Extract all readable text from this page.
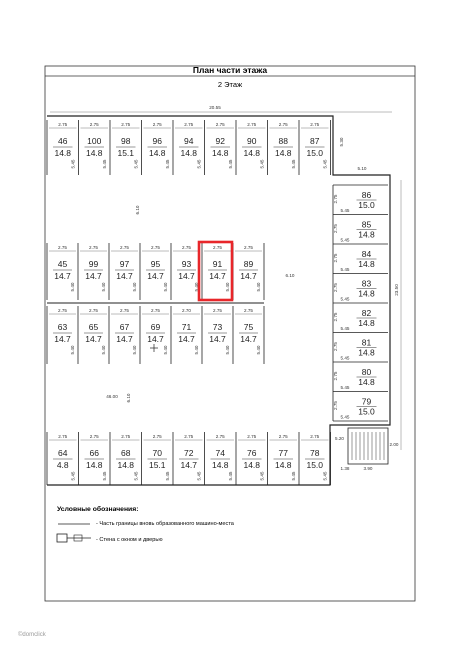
План части этажа
2 Этаж
20.55
23.50
6.10
6.10
46.00 6.10
5.30
5.10
2.75
46
14.8
5.45
2.75
100
14.8
5.45
2.75
98
15.1
5.45
2.75
96
14.8
5.45
2.75
94
14.8
5.45
2.75
92
14.8
5.45
2.75
90
14.8
5.45
2.75
88
14.8
5.45
2.75
87
15.0
5.45
2.75
45
14.7
5.40
2.75
99
14.7
5.40
2.75
97
14.7
5.40
2.75
95
14.7
5.40
2.75
93
14.7
5.40
2.75
91
14.7
5.40
2.75
89
14.7
5.40
2.75
63
14.7
5.40
2.75
65
14.7
5.40
2.75
67
14.7
5.40
2.75
69
14.7
5.40
2.70
71
14.7
5.40
2.75
73
14.7
5.40
2.75
75
14.7
5.40
2.75
64
4.8
5.45
2.75
66
14.8
5.45
2.75
68
14.8
5.45
2.75
70
15.1
5.45
2.75
72
14.7
5.45
2.75
74
14.8
5.45
2.75
76
14.8
5.45
2.75
77
14.8
5.45
2.75
78
15.0
5.45
86
15.0
2.75
5.45
85
14.8
2.75
5.45
84
14.8
2.75
5.45
83
14.8
2.75
5.45
82
14.8
2.75
5.45
81
14.8
2.75
5.45
80
14.8
2.75
5.45
79
15.0
2.75
5.45
5.20
3.90
1.38
2.00
Условные обозначения:
- Часть границы вновь образованного машино-места
- Стена с окном и дверью
©domclick
